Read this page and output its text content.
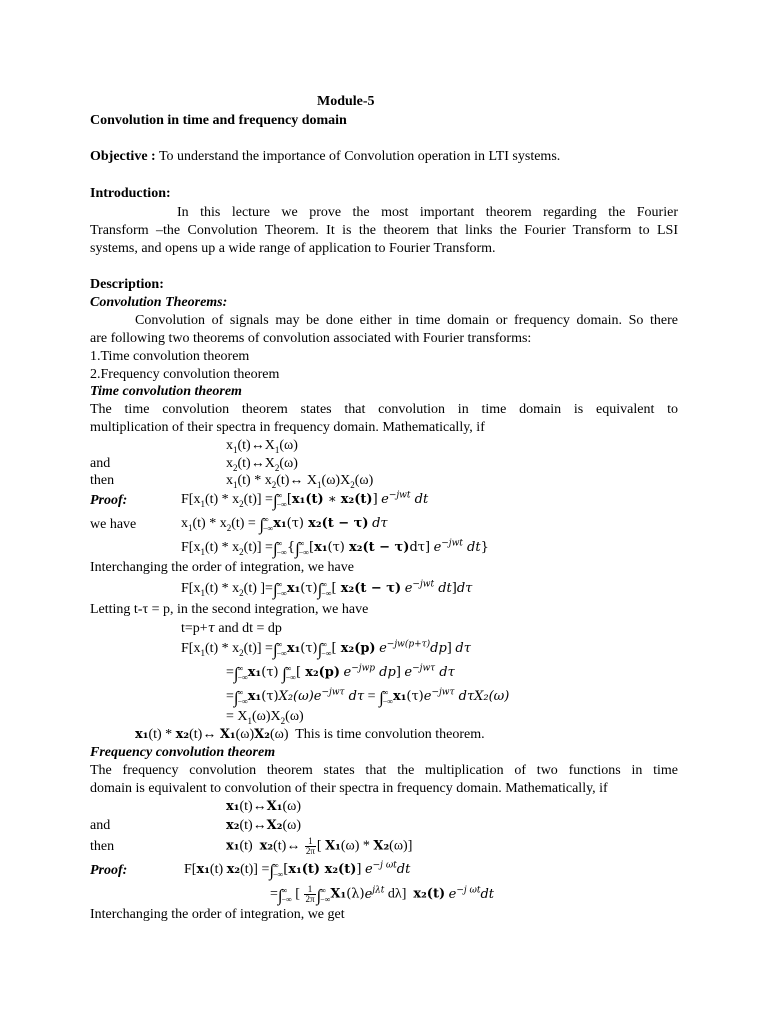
Module-5
Convolution in time and frequency domain
Objective : To understand the importance of Convolution operation in LTI systems.
Introduction:
In this lecture we prove the most important theorem regarding the Fourier
Transform –the Convolution Theorem. It is the theorem that links the Fourier Transform to LSI
systems, and opens up a wide range of application to Fourier Transform.
Description:
Convolution Theorems:
Convolution of signals may be done either in time domain or frequency domain. So there
are following two theorems of convolution associated with Fourier transforms:
1.Time convolution theorem
2.Frequency convolution theorem
Time convolution theorem
The time convolution theorem states that convolution in time domain is equivalent to
multiplication of their spectra in frequency domain. Mathematically, if
$x_1(t)\leftrightarrow X_1(\omega)$
and	$x_2(t)\leftrightarrow X_2(\omega)$
then	$x_1(t)$ * $x_2(t)\leftrightarrow$ $X_1(\omega)X_2(\omega)$
Proof:	$F[x_1(t) * x_2(t)]$ =∫ ∞
−∞ [x₁(t) ∗ x₂(t)] $e^{-jwt}$ dt
we have	$x_1(t) * x_2(t)$ = ∫ ∞
−∞ x₁(τ) x₂(t − τ) dτ
$F[x_1(t) * x_2(t)]$ =∫ ∞
−∞ {∫ ∞
−∞ [x₁(τ) x₂(t − τ)dτ] $e^{-jwt}$ dt}
Interchanging the order of integration, we have
$F[x_1(t) * x_2(t)$ ]=∫ ∞
−∞ x₁(τ)∫ ∞
−∞ [ x₂(t − τ) $e^{-jwt}$ dt]dτ
Letting t-τ = p, in the second integration, we have
t=p+τ and dt = dp
$F[x_1(t) * x_2(t)]$ =∫ ∞
−∞ x₁(τ)∫ ∞
−∞ [ x₂(p) $e^{-jw(p+\tau)}dp$] dτ
=∫ ∞
−∞ x₁(τ) ∫ ∞
−∞ [ x₂(p) $e^{-jwp}$ dp] $e^{-jw\tau}$ dτ
=∫ ∞
−∞ $x_1(\tau)X_2(\omega)e^{-jw\tau}$ dτ = ∫ ∞
−∞ $x_1(\tau)e^{-jw\tau}$ dτX₂(ω)
= $X_1(\omega)X_2(\omega)$
x₁(t) * x₂(t)↔ X₁(ω)X₂(ω)  This is time convolution theorem.
Frequency convolution theorem
The frequency convolution theorem states that the multiplication of two functions in time
domain is equivalent to convolution of their spectra in frequency domain. Mathematically, if
x₁(t)↔X₁(ω)
and	x₂(t)↔X₂(ω)
then	x₁(t)  x₂(t)↔ $\frac{1}{2\pi}$ [ X₁(ω) * X₂(ω)]
Proof:	F[x₁(t) x₂(t)] =∫ ∞
−∞ [x₁(t) x₂(t)] $e^{-j \omega t}dt$
=∫ ∞
−∞ [ $\frac{1}{2\pi}$ ∫ ∞
−∞ $X_1(\lambda)e^{j\lambda t}$ dλ]  x₂(t) $e^{-j \omega t}dt$
Interchanging the order of integration, we get
